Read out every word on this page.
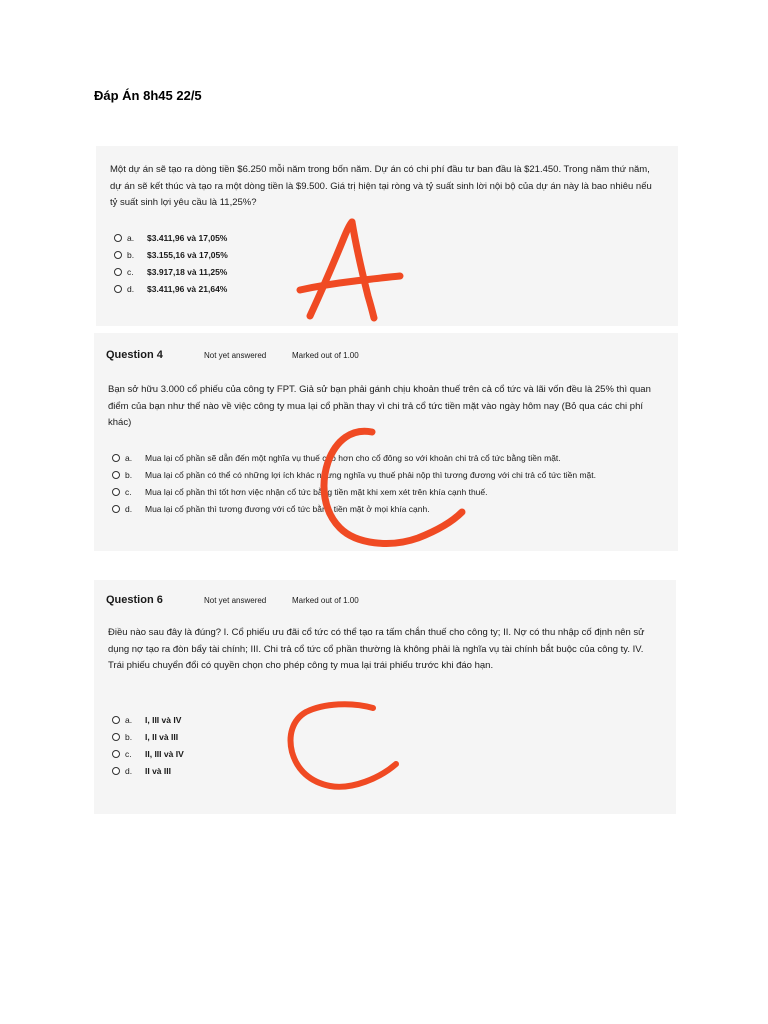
Đáp Án 8h45 22/5
Một dự án sẽ tạo ra dòng tiền $6.250 mỗi năm trong bốn năm. Dự án có chi phí đầu tư ban đầu là $21.450. Trong năm thứ năm, dự án sẽ kết thúc và tạo ra một dòng tiền là $9.500. Giá trị hiện tại ròng và tỷ suất sinh lời nội bộ của dự án này là bao nhiêu nếu tỷ suất sinh lợi yêu cầu là 11,25%?
a.	$3.411,96 và 17,05%
b.	$3.155,16 và 17,05%
c.	$3.917,18 và 11,25%
d.	$3.411,96 và 21,64%
Question 4	Not yet answered	Marked out of 1.00
Bạn sở hữu 3.000 cổ phiếu của công ty FPT. Giả sử bạn phải gánh chịu khoản thuế trên cả cổ tức và lãi vốn đều là 25% thì quan điểm của bạn như thế nào về việc công ty mua lại cổ phần thay vì chi trả cổ tức tiền mặt vào ngày hôm nay (Bỏ qua các chi phí khác)
a.	Mua lại cổ phần sẽ dẫn đến một nghĩa vụ thuế cao hơn cho cổ đông so với khoản chi trả cổ tức bằng tiền mặt.
b.	Mua lại cổ phần có thể có những lợi ích khác nhưng nghĩa vụ thuế phải nộp thì tương đương với chi trả cổ tức tiền mặt.
c.	Mua lại cổ phần thì tốt hơn việc nhận cổ tức bằng tiền mặt khi xem xét trên khía cạnh thuế.
d.	Mua lại cổ phần thì tương đương với cổ tức bằng tiền mặt ở mọi khía cạnh.
Question 6	Not yet answered	Marked out of 1.00
Điều nào sau đây là đúng? I. Cổ phiếu ưu đãi cổ tức có thể tạo ra tấm chắn thuế cho công ty; II. Nợ có thu nhập cố định nên sử dụng nợ tạo ra đòn bẩy tài chính; III. Chi trả cổ tức cổ phần thường là không phải là nghĩa vụ tài chính bắt buộc của công ty. IV. Trái phiếu chuyển đổi có quyền chọn cho phép công ty mua lại trái phiếu trước khi đáo hạn.
a.	I, III và IV
b.	I, II và III
c.	II, III và IV
d.	II và III
